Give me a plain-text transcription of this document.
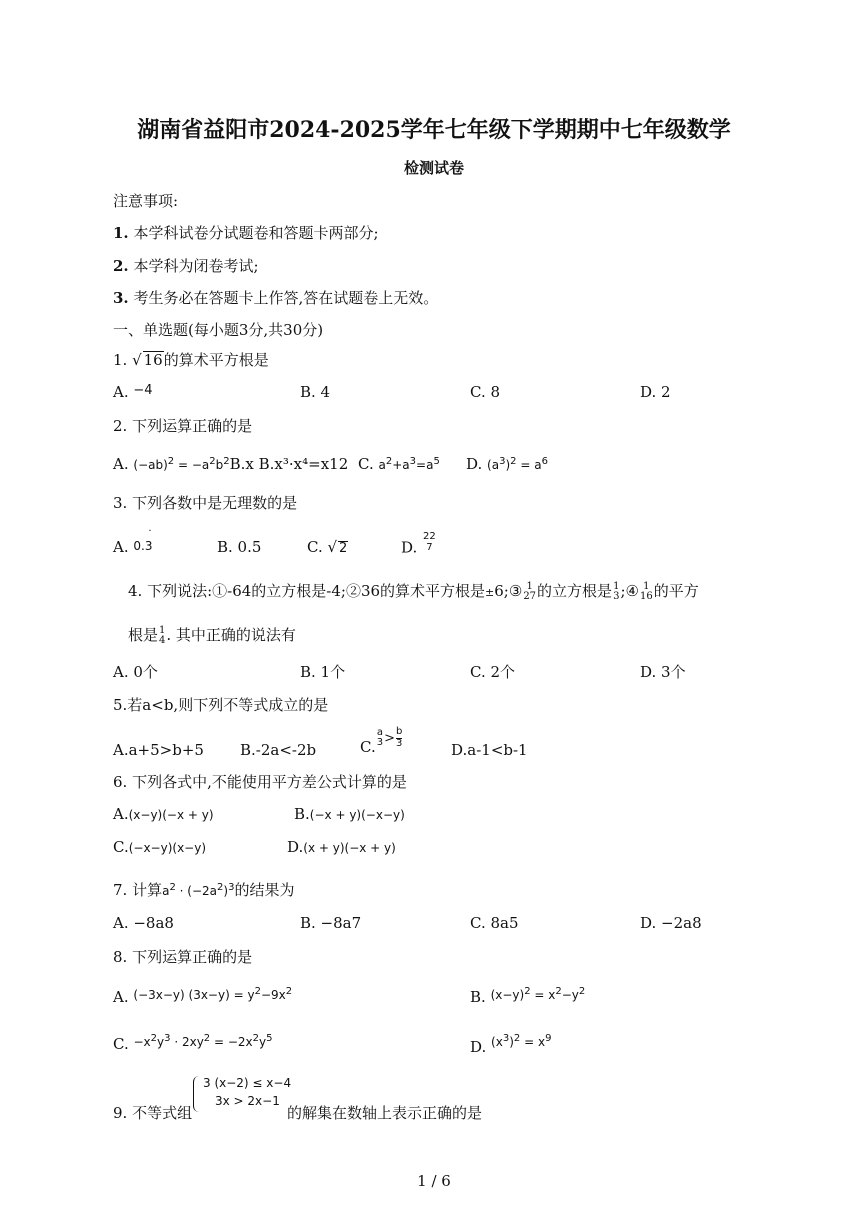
湖南省益阳市2024-2025学年七年级下学期期中七年级数学
检测试卷
注意事项:
1. 本学科试卷分试题卷和答题卡两部分;
2. 本学科为闭卷考试;
3. 考生务必在答题卡上作答,答在试题卷上无效。
一、单选题(每小题3分,共30分)
1. √ 16的算术平方根是
A. −4	B. 4	C. 8	D. 2
2. 下列运算正确的是
A. $(-ab)^2 = -a^2b^2B.x$ B.x³·x⁴=x12 C. $a^2+a^3=a^5$ D. $(a^3)^2 = a^6$
3. 下列各数中是无理数的是
A. 0.3
·
B. 0.5	C. √ 2	D.
22
7
4. 下列说法:①-64的立方根是-4;②36的算术平方根是±6;③ 1
27 的立方根是 1
3 ;④ 1
16 的平方
根是 1
4 . 其中正确的说法有
A. 0个	B. 1个	C. 2个	D. 3个
5.若a<b,则下列不等式成立的是
A.a+5>b+5 B.-2a<-2b	C.
a
$3 > \frac{b}{3}$
D.a-1<b-1
6. 下列各式中,不能使用平方差公式计算的是
A.(x−y)(−x + y)	B.(−x + y)(−x−y)
C.(−x−y)(x−y)	D.(x + y)(−x + y)
7. 计算$a^2 \cdot (-2a^2)^3$的结果为
A. −8a8	B. −8a7	C. 8a5	D. −2a8
8. 下列运算正确的是
A. $^{(-3x-y) (3x-y) = y^2-9x^2}$	B. $^{(x-y)^2 = x^2-y^2}$
C. $^{-x^2y^3 \cdot 2xy^2 = -2x^2y^5}$	D. $^{(x^3)^2 = x^9}$
9. 不等式组
3 (x−2) ≤ x−4
3x > 2x−1
的解集在数轴上表示正确的是
1 / 6
